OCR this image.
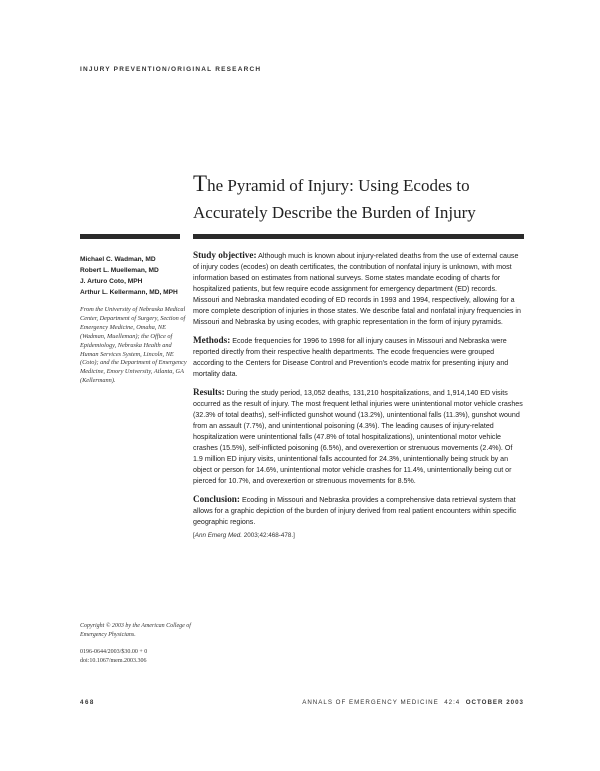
INJURY PREVENTION/ORIGINAL RESEARCH
The Pyramid of Injury: Using Ecodes to
Accurately Describe the Burden of Injury
Michael C. Wadman, MD
Robert L. Muelleman, MD
J. Arturo Coto, MPH
Arthur L. Kellermann, MD, MPH
From the University of Nebraska Medical Center, Department of Surgery, Section of Emergency Medicine, Omaha, NE (Wadman, Muelleman); the Office of Epidemiology, Nebraska Health and Human Services System, Lincoln, NE (Coto); and the Department of Emergency Medicine, Emory University, Atlanta, GA (Kellermann).

Study objective: Although much is known about injury-related deaths from the use of external cause of injury codes (ecodes) on death certificates, the contribution of nonfatal injury is unknown, with most information based on estimates from national surveys. Some states mandate ecoding of charts for hospitalized patients, but few require ecode assignment for emergency department (ED) records. Missouri and Nebraska mandated ecoding of ED records in 1993 and 1994, respectively, allowing for a more complete description of injuries in those states. We describe fatal and nonfatal injury frequencies in Missouri and Nebraska by using ecodes, with graphic representation in the form of injury pyramids.

Methods: Ecode frequencies for 1996 to 1998 for all injury causes in Missouri and Nebraska were reported directly from their respective health departments. The ecode frequencies were grouped according to the Centers for Disease Control and Prevention's ecode matrix for presenting injury and mortality data.

Results: During the study period, 13,052 deaths, 131,210 hospitalizations, and 1,914,140 ED visits occurred as the result of injury. The most frequent lethal injuries were unintentional motor vehicle crashes (32.3% of total deaths), self-inflicted gunshot wound (13.2%), unintentional falls (11.3%), gunshot wound from an assault (7.7%), and unintentional poisoning (4.3%). The leading causes of injury-related hospitalization were unintentional falls (47.8% of total hospitalizations), unintentional motor vehicle crashes (15.5%), self-inflicted poisoning (6.5%), and overexertion or strenuous movements (2.4%). Of 1.9 million ED injury visits, unintentional falls accounted for 24.3%, unintentionally being struck by an object or person for 14.6%, unintentional motor vehicle crashes for 11.4%, unintentionally being cut or pierced for 10.7%, and overexertion or strenuous movements for 8.5%.

Conclusion: Ecoding in Missouri and Nebraska provides a comprehensive data retrieval system that allows for a graphic depiction of the burden of injury derived from real patient encounters within specific geographic regions.

[Ann Emerg Med. 2003;42:468-478.]
Copyright © 2003 by the American College of Emergency Physicians.
0196-0644/2003/$30.00 + 0
doi:10.1067/mem.2003.306
468	ANNALS OF EMERGENCY MEDICINE 42:4 OCTOBER 2003
